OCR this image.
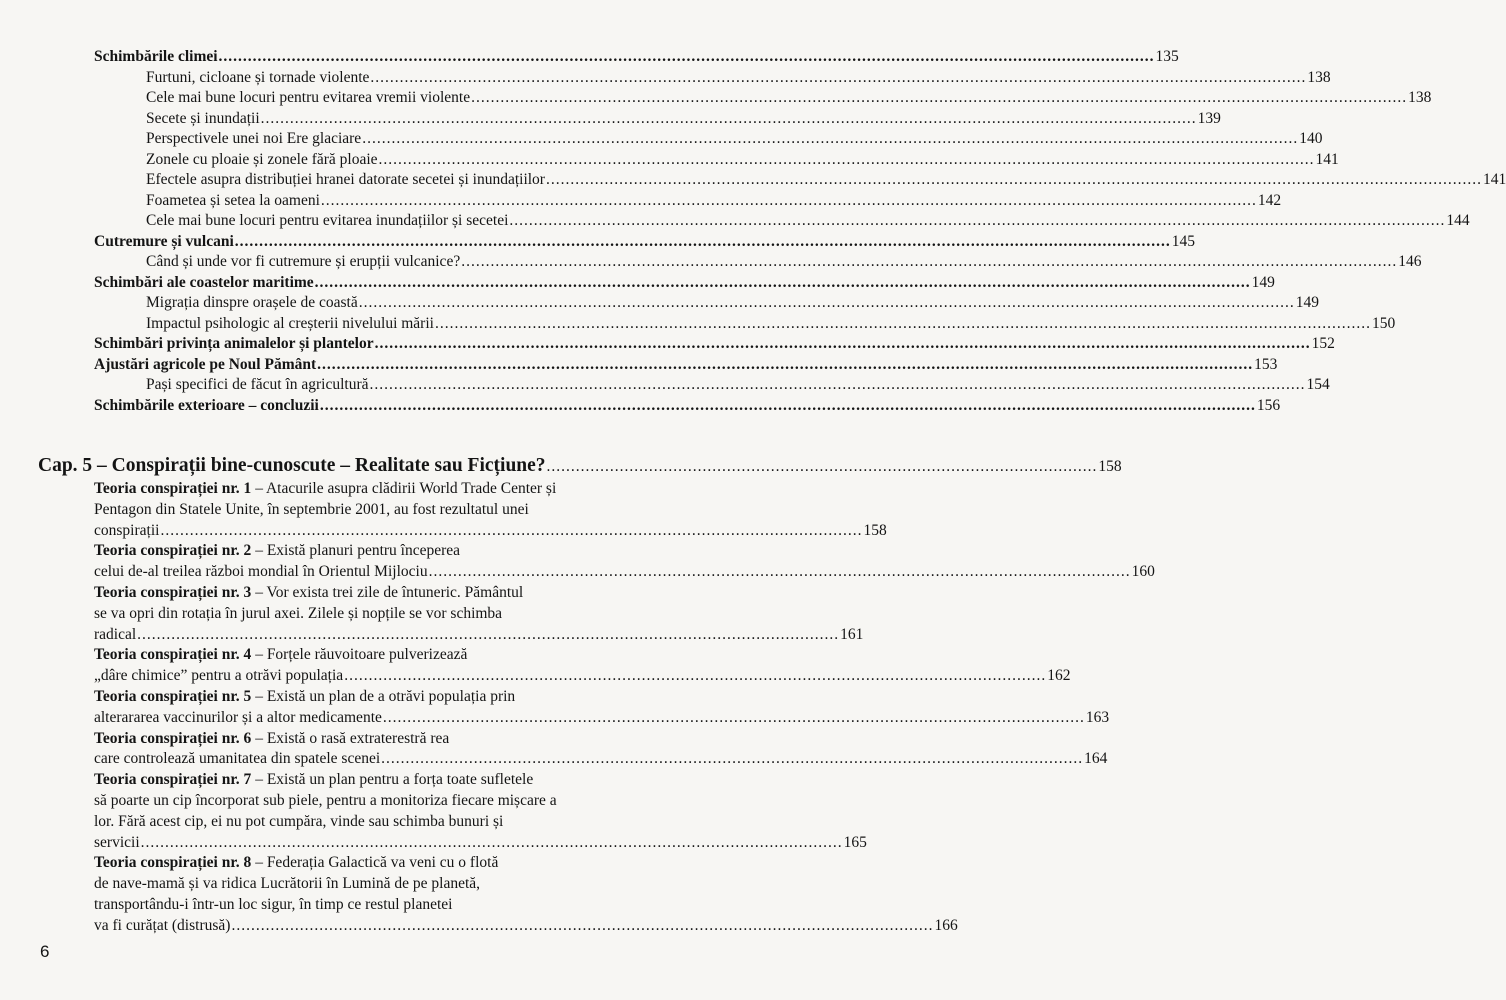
Schimbările climei .....	135
Furtuni, cicloane și tornade violente .....	138
Cele mai bune locuri pentru evitarea vremii violente .....	138
Secete și inundații .....	139
Perspectivele unei noi Ere glaciare .....	140
Zonele cu ploaie și zonele fără ploaie .....	141
Efectele asupra distribuției hranei datorate secetei și inundațiilor .....	141
Foametea și setea la oameni .....	142
Cele mai bune locuri pentru evitarea inundațiilor și secetei .....	144
Cutremure și vulcani .....	145
Când și unde vor fi cutremure și erupții vulcanice? .....	146
Schimbări ale coastelor maritime .....	149
Migrația dinspre orașele de coastă .....	149
Impactul psihologic al creșterii nivelului mării .....	150
Schimbări privința animalelor și plantelor .....	152
Ajustări agricole pe Noul Pământ .....	153
Pași specifici de făcut în agricultură .....	154
Schimbările exterioare – concluzii .....	156
Cap. 5 – Conspirații bine-cunoscute – Realitate sau Ficțiune? .....	158
Teoria conspirației nr. 1 – Atacurile asupra clădirii World Trade Center și
Pentagon din Statele Unite, în septembrie 2001, au fost rezultatul unei
conspirații .....	158
Teoria conspirației nr. 2 – Există planuri pentru începerea
celui de-al treilea război mondial în Orientul Mijlociu .....	160
Teoria conspirației nr. 3 – Vor exista trei zile de întuneric. Pământul
se va opri din rotația în jurul axei. Zilele și nopțile se vor schimba
radical .....	161
Teoria conspirației nr. 4 – Forțele răuvoitoare pulverizează
„dâre chimice” pentru a otrăvi populația .....	162
Teoria conspirației nr. 5 – Există un plan de a otrăvi populația prin
alterararea vaccinurilor și a altor medicamente .....	163
Teoria conspirației nr. 6 – Există o rasă extraterestră rea
care controlează umanitatea din spatele scenei .....	164
Teoria conspirației nr. 7 – Există un plan pentru a forța toate sufletele
să poarte un cip încorporat sub piele, pentru a monitoriza fiecare mișcare a
lor. Fără acest cip, ei nu pot cumpăra, vinde sau schimba bunuri și
servicii .....	165
Teoria conspirației nr. 8 – Federația Galactică va veni cu o flotă
de nave-mamă și va ridica Lucrătorii în Lumină de pe planetă,
transportându-i într-un loc sigur, în timp ce restul planetei
va fi curățat (distrusă) .....	166
6
